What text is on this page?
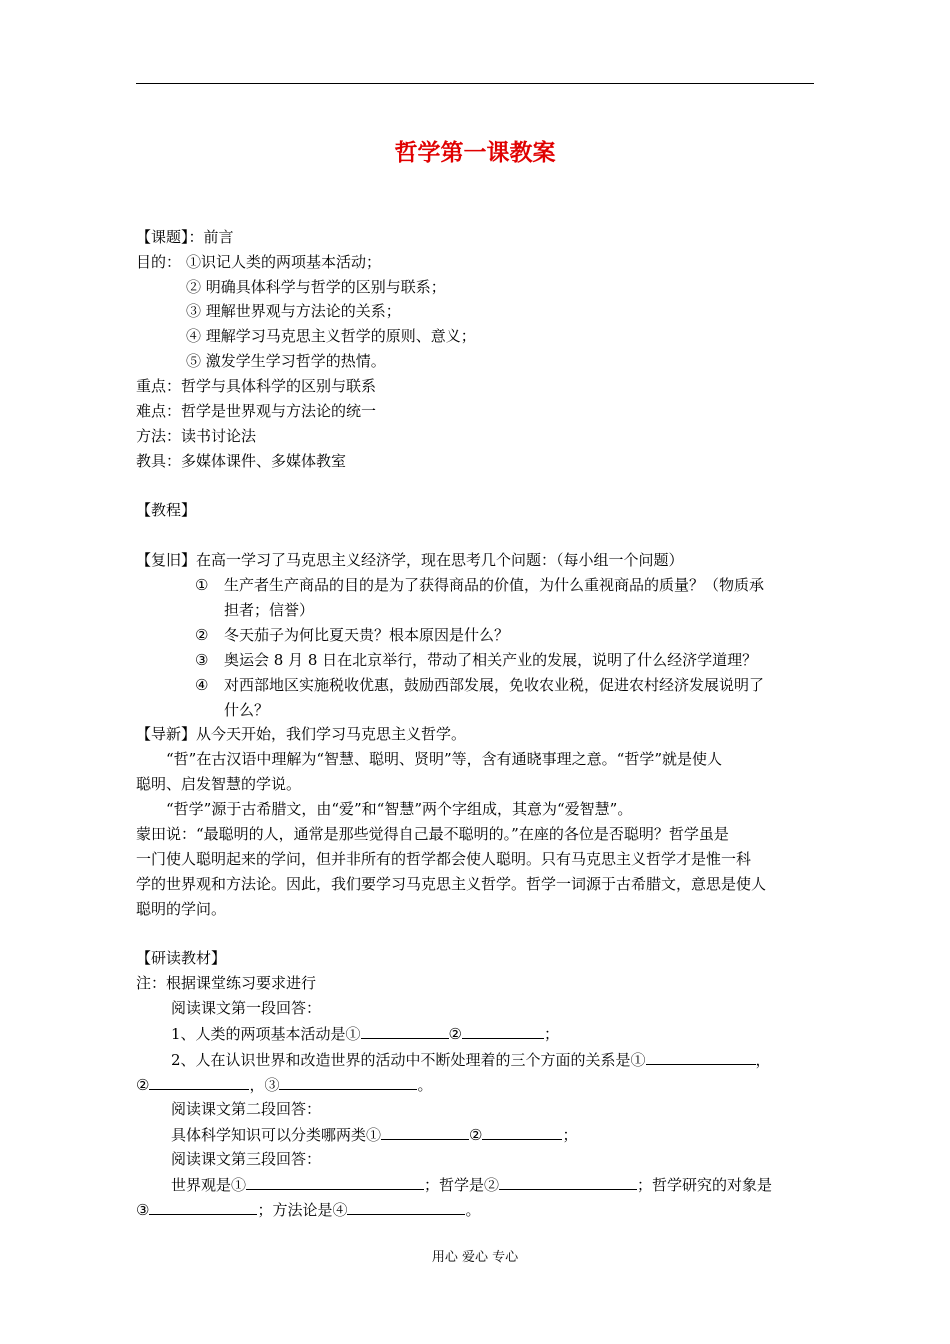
哲学第一课教案
【课题】：前言
目的： ①识记人类的两项基本活动；
② 明确具体科学与哲学的区别与联系；
③ 理解世界观与方法论的关系；
④ 理解学习马克思主义哲学的原则、意义；
⑤ 激发学生学习哲学的热情。
重点：哲学与具体科学的区别与联系
难点：哲学是世界观与方法论的统一
方法：读书讨论法
教具：多媒体课件、多媒体教室
【教程】
【复旧】在高一学习了马克思主义经济学，现在思考几个问题：（每小组一个问题）
① 生产者生产商品的目的是为了获得商品的价值，为什么重视商品的质量？（物质承
担者；信誉）
② 冬天茄子为何比夏天贵？根本原因是什么？
③ 奥运会 8 月 8 日在北京举行，带动了相关产业的发展，说明了什么经济学道理？
④ 对西部地区实施税收优惠，鼓励西部发展，免收农业税，促进农村经济发展说明了
什么？
【导新】从今天开始，我们学习马克思主义哲学。
“哲”在古汉语中理解为“智慧、聪明、贤明”等，含有通晓事理之意。“哲学”就是使人
聪明、启发智慧的学说。
“哲学”源于古希腊文，由“爱”和“智慧”两个字组成，其意为“爱智慧”。
蒙田说：“最聪明的人，通常是那些觉得自己最不聪明的。”在座的各位是否聪明？哲学虽是
一门使人聪明起来的学问，但并非所有的哲学都会使人聪明。只有马克思主义哲学才是惟一科
学的世界观和方法论。因此，我们要学习马克思主义哲学。哲学一词源于古希腊文，意思是使人
聪明的学问。
【研读教材】
注：根据课堂练习要求进行
阅读课文第一段回答：
1、人类的两项基本活动是①	②	；
2、人在认识世界和改造世界的活动中不断处理着的三个方面的关系是①	，
②	，③	。
阅读课文第二段回答：
具体科学知识可以分类哪两类①	②	；
阅读课文第三段回答：
世界观是①	；哲学是②	；哲学研究的对象是
③	；方法论是④	。
用心 爱心 专心
